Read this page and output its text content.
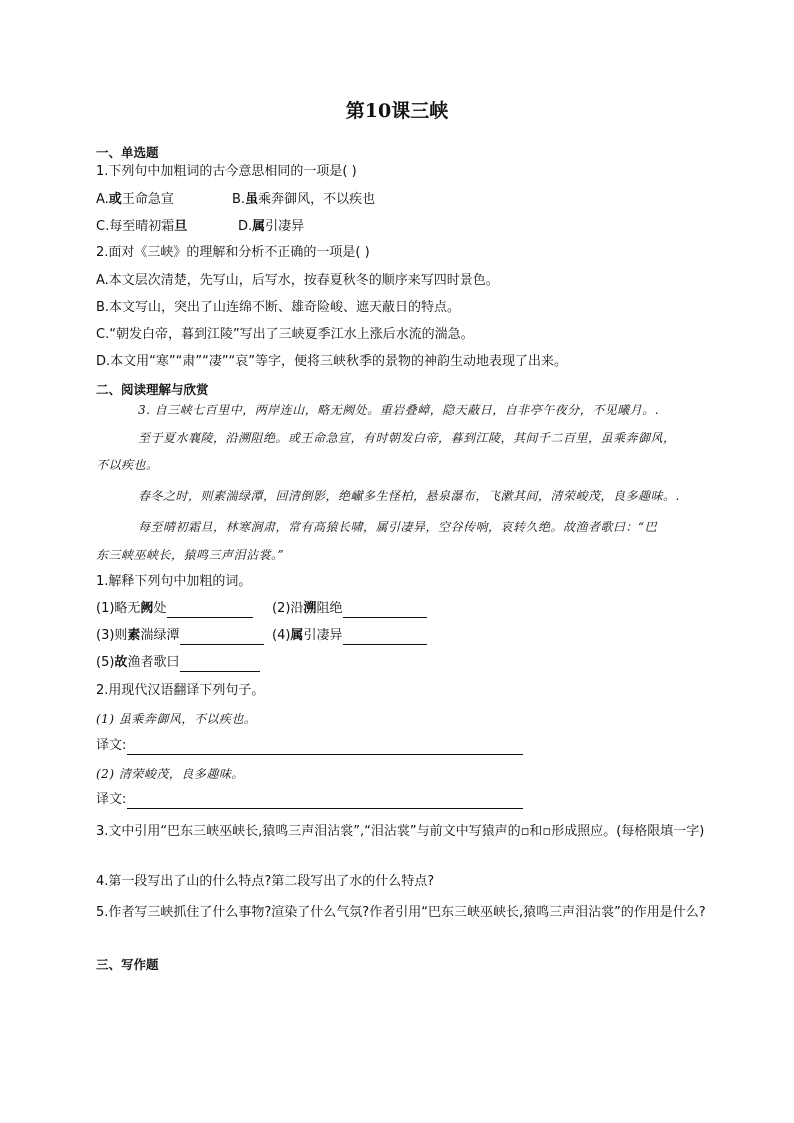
第10课三峡
一、单选题
1.下列句中加粗词的古今意思相同的一项是( )
A.或王命急宣	B.虽乘奔御风，不以疾也
C.每至晴初霜旦	D.属引凄异
2.面对《三峡》的理解和分析不正确的一项是( )
A.本文层次清楚，先写山，后写水，按春夏秋冬的顺序来写四时景色。
B.本文写山，突出了山连绵不断、雄奇险峻、遮天蔽日的特点。
C.“朝发白帝，暮到江陵”写出了三峡夏季江水上涨后水流的湍急。
D.本文用“寒”“肃”“凄”“哀”等字，便将三峡秋季的景物的神韵生动地表现了出来。
二、阅读理解与欣赏
3. 自三峡七百里中，两岸连山，略无阙处。重岩叠嶂，隐天蔽日，自非亭午夜分，不见曦月。.
至于夏水襄陵，沿溯阻绝。或王命急宣，有时朝发白帝，暮到江陵，其间千二百里，虽乘奔御风，
不以疾也。
春冬之时，则素湍绿潭，回清倒影，绝𪩘多生怪柏，悬泉瀑布，飞漱其间，清荣峻茂，良多趣味。.
每至晴初霜旦，林寒涧肃，常有高猿长啸，属引凄异，空谷传响，哀转久绝。故渔者歌曰：“巴
东三峡巫峡长，猿鸣三声泪沾裳。”
1.解释下列句中加粗的词。
(1)略无阙处	(2)沿溯阻绝
(3)则素湍绿潭	(4)属引凄异
(5)故渔者歌曰
2.用现代汉语翻译下列句子。
(1) 虽乘奔御风，不以疾也。
译文:
(2) 清荣峻茂，良多趣味。
译文:
3.文中引用“巴东三峡巫峡长,猿鸣三声泪沾裳”,“泪沾裳”与前文中写猿声的▫和▫形成照应。(每格限填一字)
4.第一段写出了山的什么特点?第二段写出了水的什么特点?
5.作者写三峡抓住了什么事物?渲染了什么气氛?作者引用“巴东三峡巫峡长,猿鸣三声泪沾裳”的作用是什么?
三、写作题
